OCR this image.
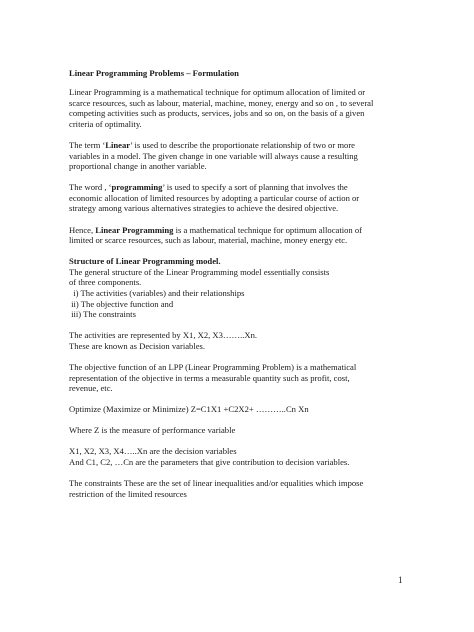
Linear Programming Problems – Formulation
Linear Programming is a mathematical technique for optimum allocation of limited or
scarce resources, such as labour, material, machine, money, energy and so on , to several
competing activities such as products, services, jobs and so on, on the basis of a given
criteria of optimality.
The term ‘Linear’ is used to describe the proportionate relationship of two or more
variables in a model. The given change in one variable will always cause a resulting
proportional change in another variable.
The word , ‘programming’ is used to specify a sort of planning that involves the
economic allocation of limited resources by adopting a particular course of action or
strategy among various alternatives strategies to achieve the desired objective.
Hence, Linear Programming is a mathematical technique for optimum allocation of
limited or scarce resources, such as labour, material, machine, money energy etc.
Structure of Linear Programming model.
The general structure of the Linear Programming model essentially consists
of three components.
i) The activities (variables) and their relationships
ii) The objective function and
iii) The constraints
The activities are represented by X1, X2, X3……..Xn.
These are known as Decision variables.
The objective function of an LPP (Linear Programming Problem) is a mathematical
representation of the objective in terms a measurable quantity such as profit, cost,
revenue, etc.
Optimize (Maximize or Minimize) Z=C1X1 +C2X2+ ………..Cn Xn
Where Z is the measure of performance variable
X1, X2, X3, X4…..Xn are the decision variables
And C1, C2, …Cn are the parameters that give contribution to decision variables.
The constraints These are the set of linear inequalities and/or equalities which impose
restriction of the limited resources
1
